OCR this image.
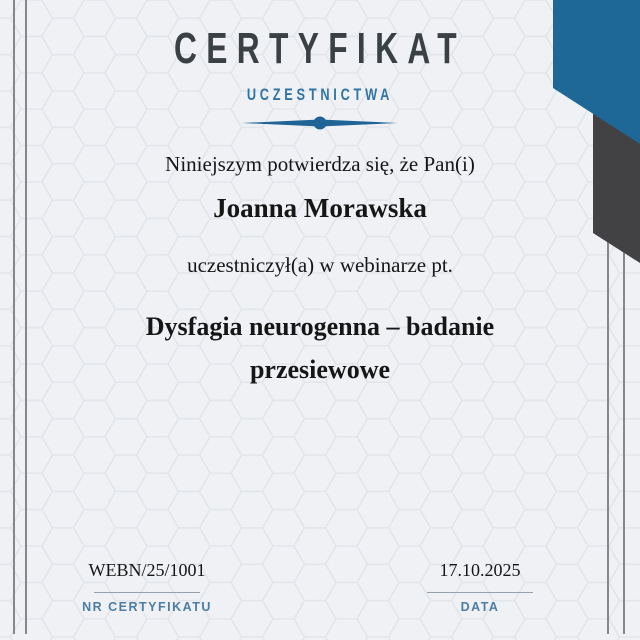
CERTYFIKAT
UCZESTNICTWA

Niniejszym potwierdza się, że Pan(i)

Joanna Morawska

uczestniczył(a) w webinarze pt.

Dysfagia neurogenna – badanie przesiewowe

WEBN/25/1001

NR CERTYFIKATU

17.10.2025

DATA
